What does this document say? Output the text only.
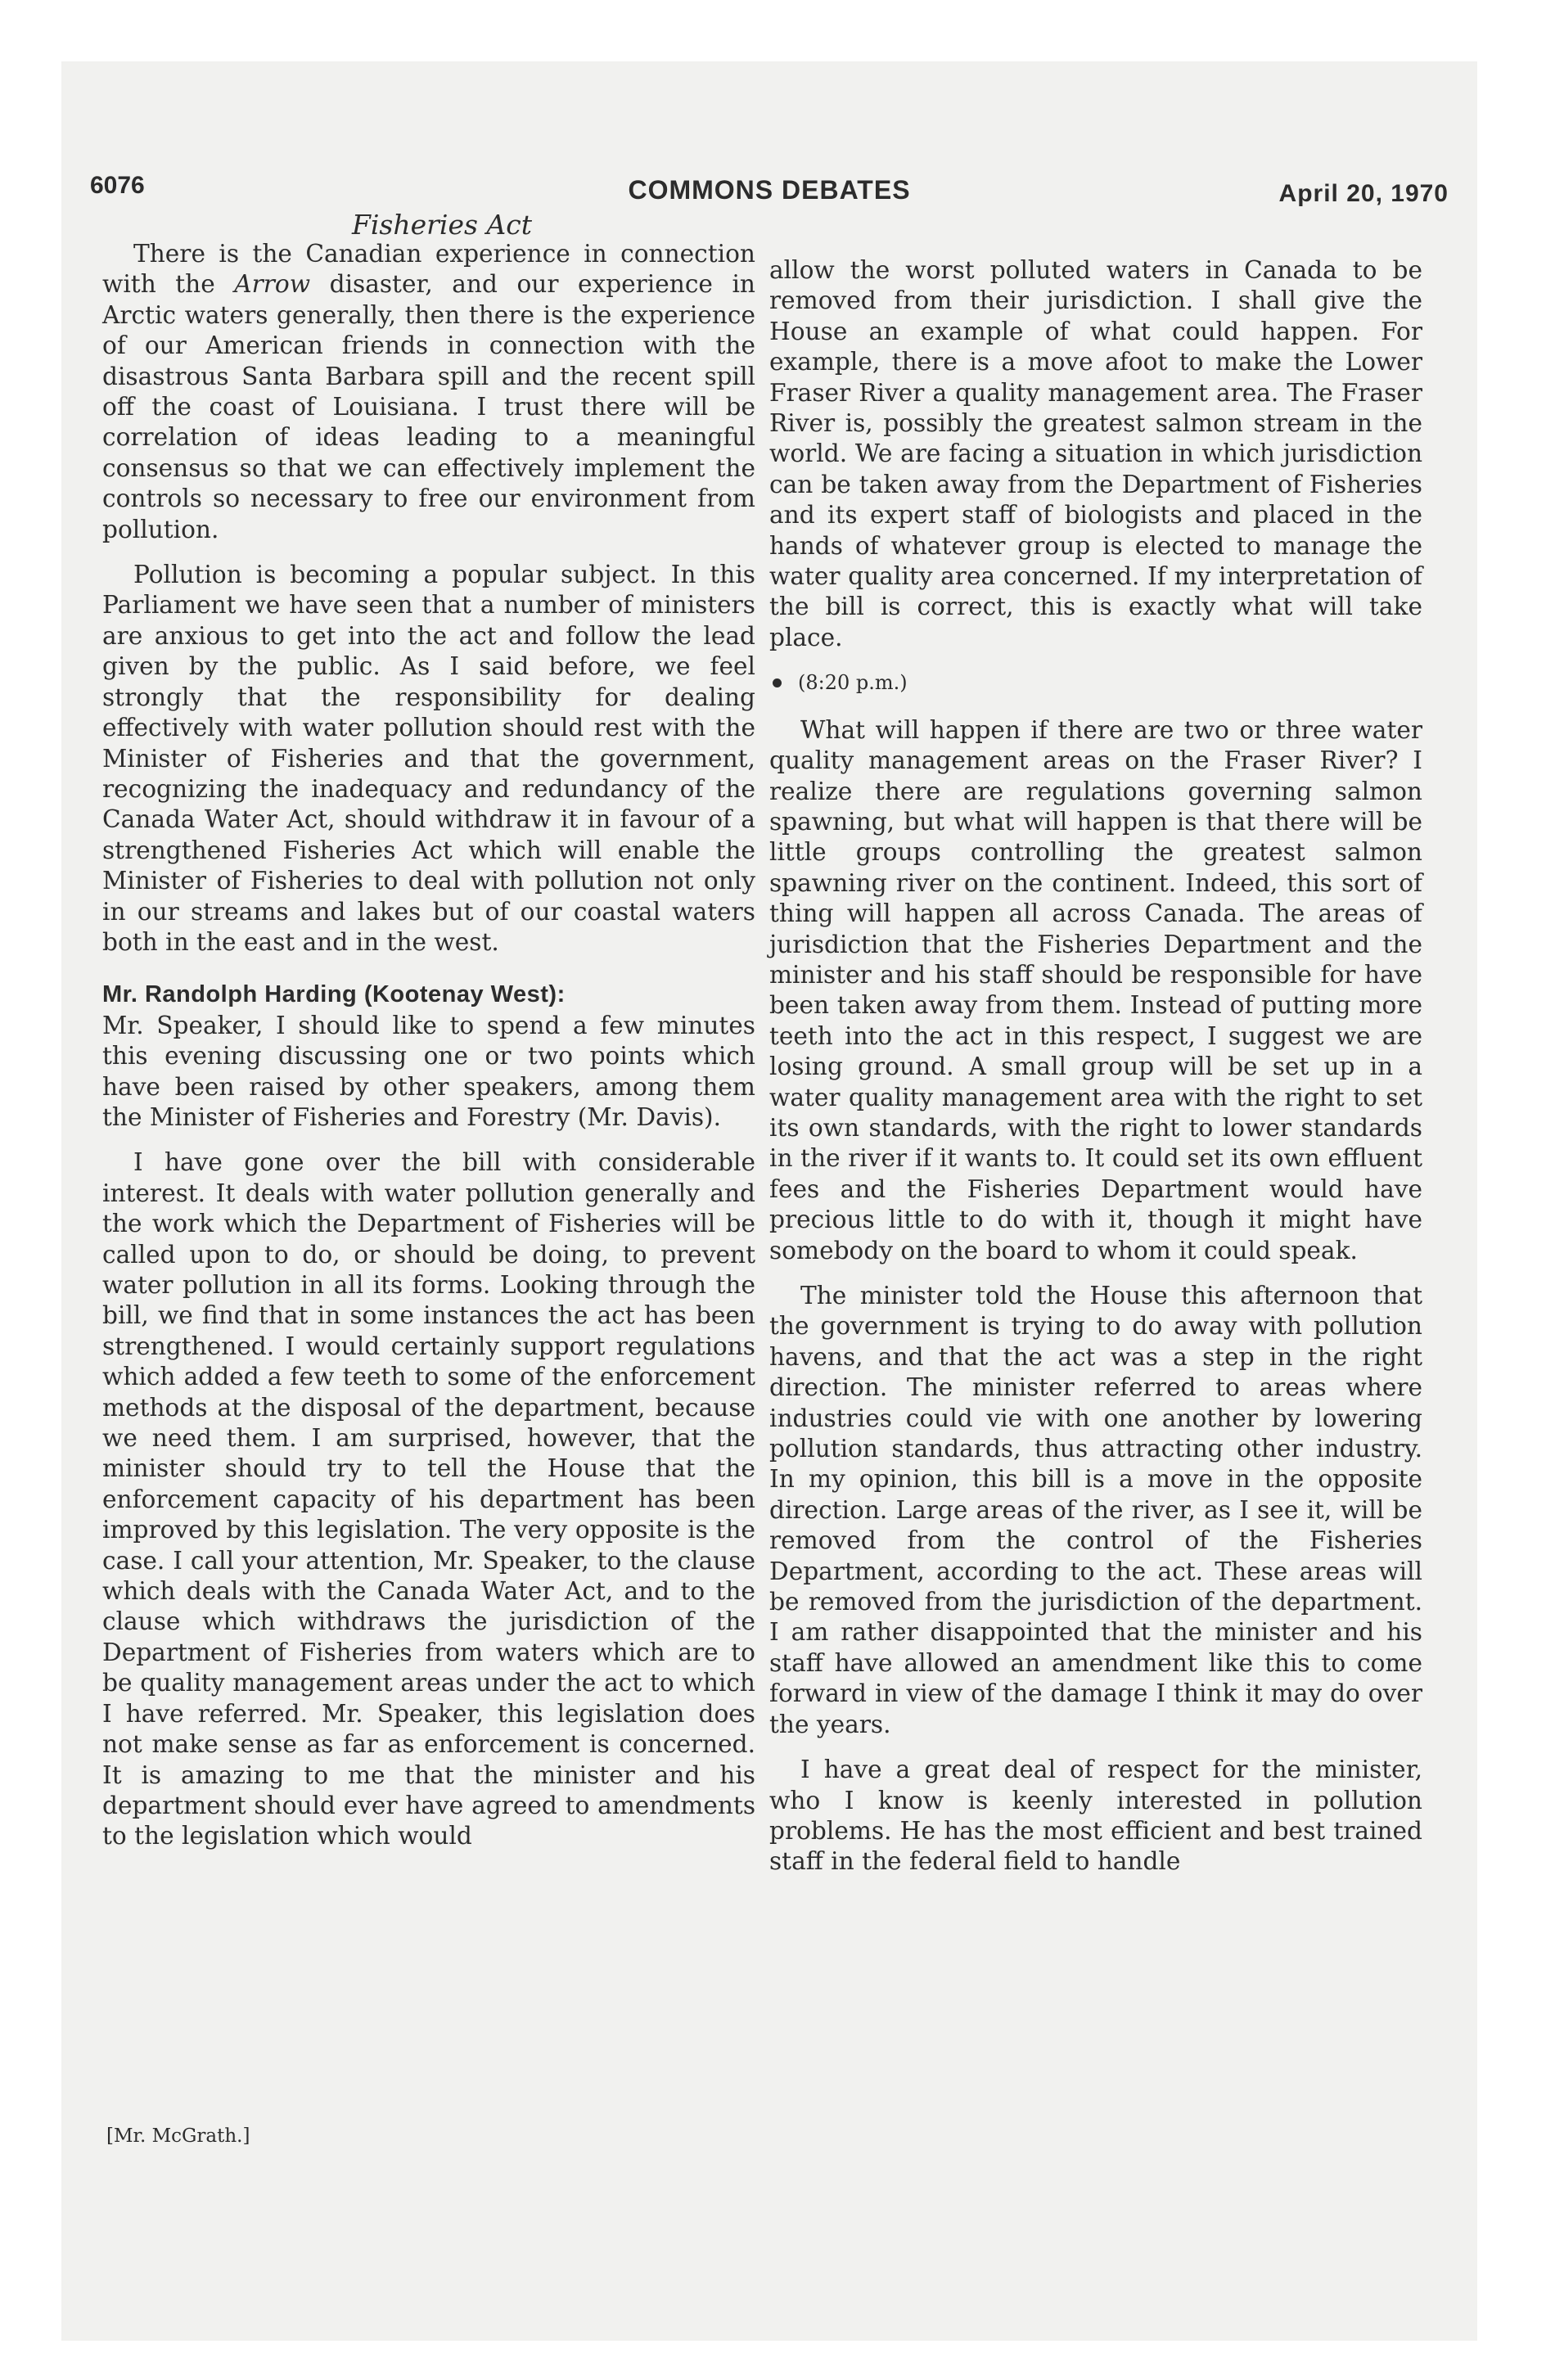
6076	COMMONS DEBATES	April 20, 1970
Fisheries Act

There is the Canadian experience in connection with the Arrow disaster, and our experience in Arctic waters generally, then there is the experience of our American friends in connection with the disastrous Santa Barbara spill and the recent spill off the coast of Louisiana. I trust there will be correlation of ideas leading to a meaningful consensus so that we can effectively implement the controls so necessary to free our environment from pollution.

Pollution is becoming a popular subject. In this Parliament we have seen that a number of ministers are anxious to get into the act and follow the lead given by the public. As I said before, we feel strongly that the responsibility for dealing effectively with water pollution should rest with the Minister of Fisheries and that the government, recognizing the inadequacy and redundancy of the Canada Water Act, should withdraw it in favour of a strengthened Fisheries Act which will enable the Minister of Fisheries to deal with pollution not only in our streams and lakes but of our coastal waters both in the east and in the west.

Mr. Randolph Harding (Kootenay West):

Mr. Speaker, I should like to spend a few minutes this evening discussing one or two points which have been raised by other speakers, among them the Minister of Fisheries and Forestry (Mr. Davis).

I have gone over the bill with considerable interest. It deals with water pollution generally and the work which the Department of Fisheries will be called upon to do, or should be doing, to prevent water pollution in all its forms. Looking through the bill, we find that in some instances the act has been strengthened. I would certainly support regulations which added a few teeth to some of the enforcement methods at the disposal of the department, because we need them. I am surprised, however, that the minister should try to tell the House that the enforcement capacity of his department has been improved by this legislation. The very opposite is the case. I call your attention, Mr. Speaker, to the clause which deals with the Canada Water Act, and to the clause which withdraws the jurisdiction of the Department of Fisheries from waters which are to be quality management areas under the act to which I have referred. Mr. Speaker, this legislation does not make sense as far as enforcement is concerned. It is amazing to me that the minister and his department should ever have agreed to amendments to the legislation which would

[Mr. McGrath.]

allow the worst polluted waters in Canada to be removed from their jurisdiction. I shall give the House an example of what could happen. For example, there is a move afoot to make the Lower Fraser River a quality management area. The Fraser River is, possibly the greatest salmon stream in the world. We are facing a situation in which jurisdiction can be taken away from the Department of Fisheries and its expert staff of biologists and placed in the hands of whatever group is elected to manage the water quality area concerned. If my interpretation of the bill is correct, this is exactly what will take place.

(8:20 p.m.)

What will happen if there are two or three water quality management areas on the Fraser River? I realize there are regulations governing salmon spawning, but what will happen is that there will be little groups controlling the greatest salmon spawning river on the continent. Indeed, this sort of thing will happen all across Canada. The areas of jurisdiction that the Fisheries Department and the minister and his staff should be responsible for have been taken away from them. Instead of putting more teeth into the act in this respect, I suggest we are losing ground. A small group will be set up in a water quality management area with the right to set its own standards, with the right to lower standards in the river if it wants to. It could set its own effluent fees and the Fisheries Department would have precious little to do with it, though it might have somebody on the board to whom it could speak.

The minister told the House this afternoon that the government is trying to do away with pollution havens, and that the act was a step in the right direction. The minister referred to areas where industries could vie with one another by lowering pollution standards, thus attracting other industry. In my opinion, this bill is a move in the opposite direction. Large areas of the river, as I see it, will be removed from the control of the Fisheries Department, according to the act. These areas will be removed from the jurisdiction of the department. I am rather disappointed that the minister and his staff have allowed an amendment like this to come forward in view of the damage I think it may do over the years.

I have a great deal of respect for the minister, who I know is keenly interested in pollution problems. He has the most efficient and best trained staff in the federal field to handle
